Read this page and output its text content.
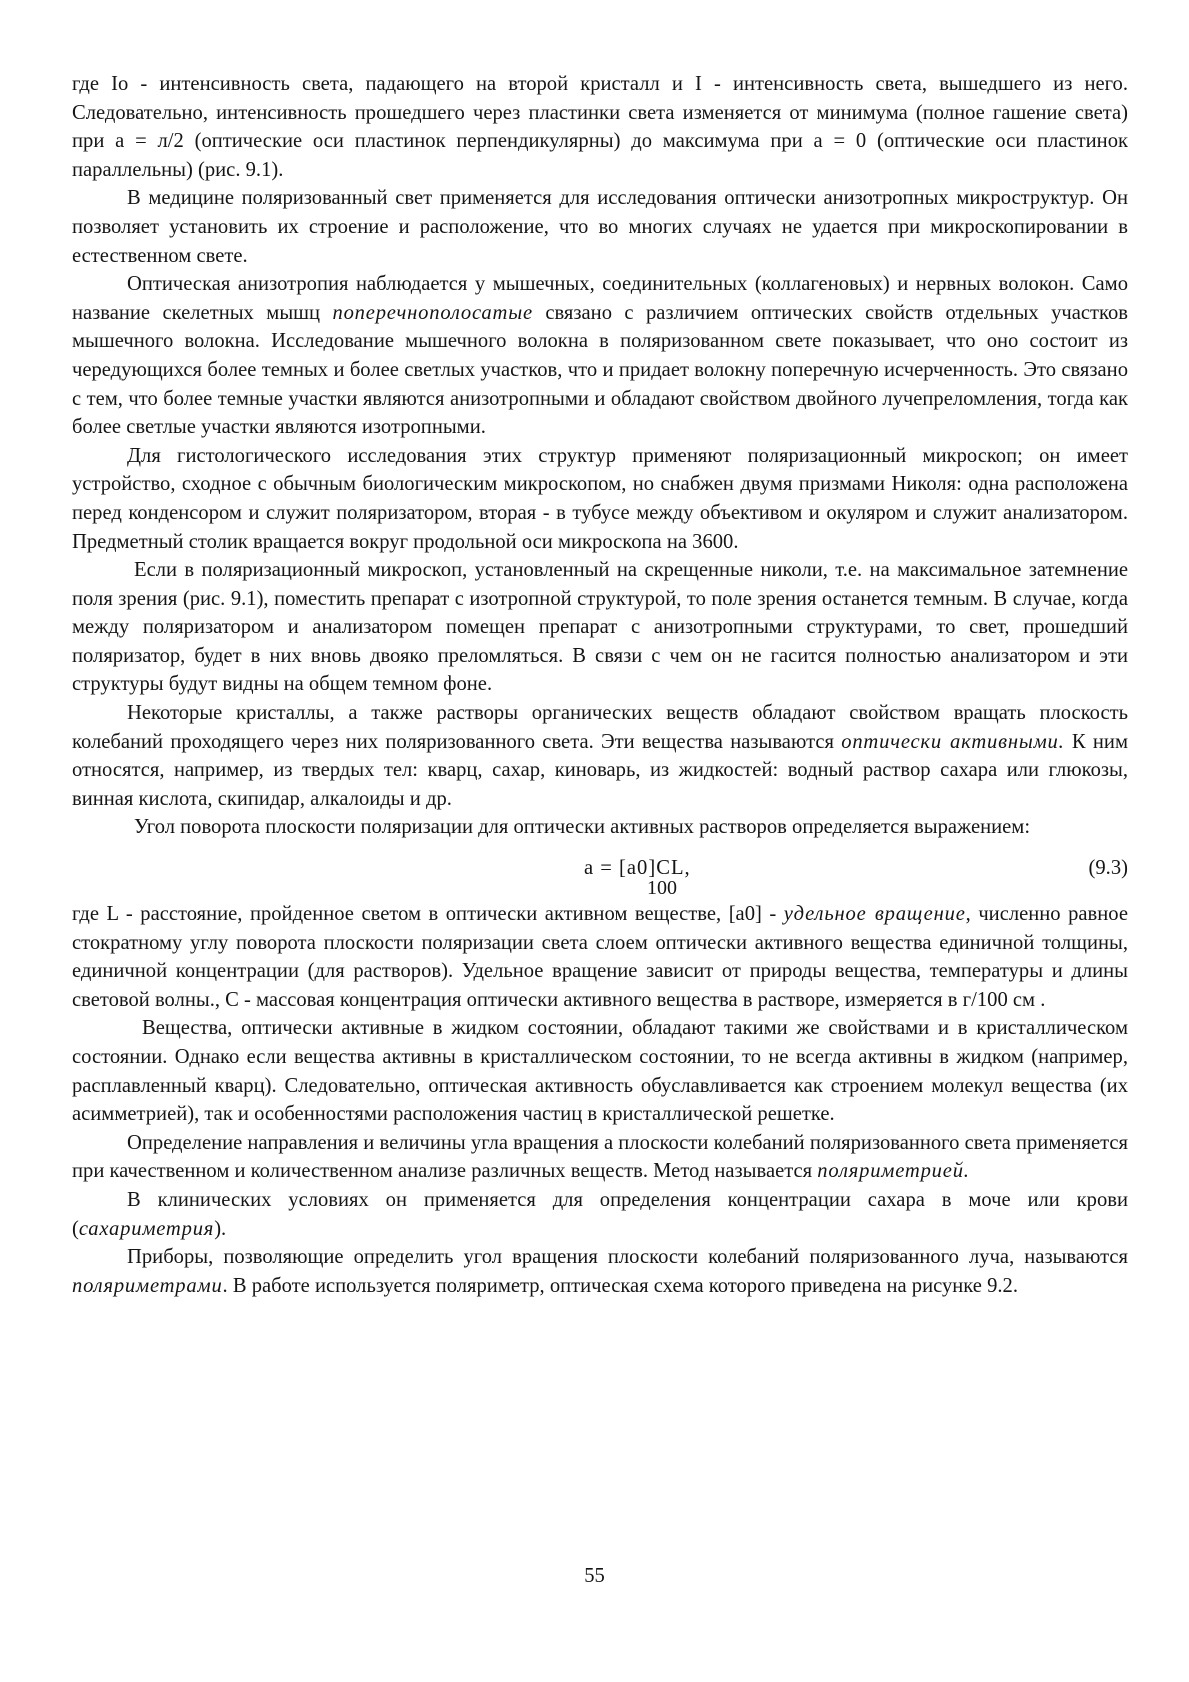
где Iо - интенсивность света, падающего на второй кристалл и I - интенсивность света, вышедшего из него. Следовательно, интенсивность прошедшего через пластинки света изменяется от минимума (полное гашение света) при a = л/2 (оптические оси пластинок перпендикулярны) до максимума при a = 0 (оптические оси пластинок параллельны) (рис. 9.1).

В медицине поляризованный свет применяется для исследования оптически анизотропных микроструктур. Он позволяет установить их строение и расположение, что во многих случаях не удается при микроскопировании в естественном свете.

Оптическая анизотропия наблюдается у мышечных, соединительных (коллагеновых) и нервных волокон. Само название скелетных мышц поперечнополосатые связано с различием оптических свойств отдельных участков мышечного волокна. Исследование мышечного волокна в поляризованном свете показывает, что оно состоит из чередующихся более темных и более светлых участков, что и придает волокну поперечную исчерченность. Это связано с тем, что более темные участки являются анизотропными и обладают свойством двойного лучепреломления, тогда как более светлые участки являются изотропными.

Для гистологического исследования этих структур применяют поляризационный микроскоп; он имеет устройство, сходное с обычным биологическим микроскопом, но снабжен двумя призмами Николя: одна расположена перед конденсором и служит поляризатором, вторая - в тубусе между объективом и окуляром и служит анализатором. Предметный столик вращается вокруг продольной оси микроскопа на 3600.

Если в поляризационный микроскоп, установленный на скрещенные николи, т.е. на максимальное затемнение поля зрения (рис. 9.1), поместить препарат с изотропной структурой, то поле зрения останется темным. В случае, когда между поляризатором и анализатором помещен препарат с анизотропными структурами, то свет, прошедший поляризатор, будет в них вновь двояко преломляться. В связи с чем он не гасится полностью анализатором и эти структуры будут видны на общем темном фоне.

Некоторые кристаллы, а также растворы органических веществ обладают свойством вращать плоскость колебаний проходящего через них поляризованного света. Эти вещества называются оптически активными. К ним относятся, например, из твердых тел: кварц, сахар, киноварь, из жидкостей: водный раствор сахара или глюкозы, винная кислота, скипидар, алкалоиды и др.

Угол поворота плоскости поляризации для оптически активных растворов определяется выражением:

a = [a0]CL,
100
(9.3)

где L - расстояние, пройденное светом в оптически активном веществе, [a0] - удельное вращение, численно равное стократному углу поворота плоскости поляризации света слоем оптически активного вещества единичной толщины, единичной концентрации (для растворов). Удельное вращение зависит от природы вещества, температуры и длины световой волны., С - массовая концентрация оптически активного вещества в растворе, измеряется в г/100 см .

Вещества, оптически активные в жидком состоянии, обладают такими же свойствами и в кристаллическом состоянии. Однако если вещества активны в кристаллическом состоянии, то не всегда активны в жидком (например, расплавленный кварц). Следовательно, оптическая активность обуславливается как строением молекул вещества (их асимметрией), так и особенностями расположения частиц в кристаллической решетке.

Определение направления и величины угла вращения a плоскости колебаний поляризованного света применяется при качественном и количественном анализе различных веществ. Метод называется поляриметрией.

В клинических условиях он применяется для определения концентрации сахара в моче или крови (сахариметрия).

Приборы, позволяющие определить угол вращения плоскости колебаний поляризованного луча, называются поляриметрами. В работе используется поляриметр, оптическая схема которого приведена на рисунке 9.2.

55
